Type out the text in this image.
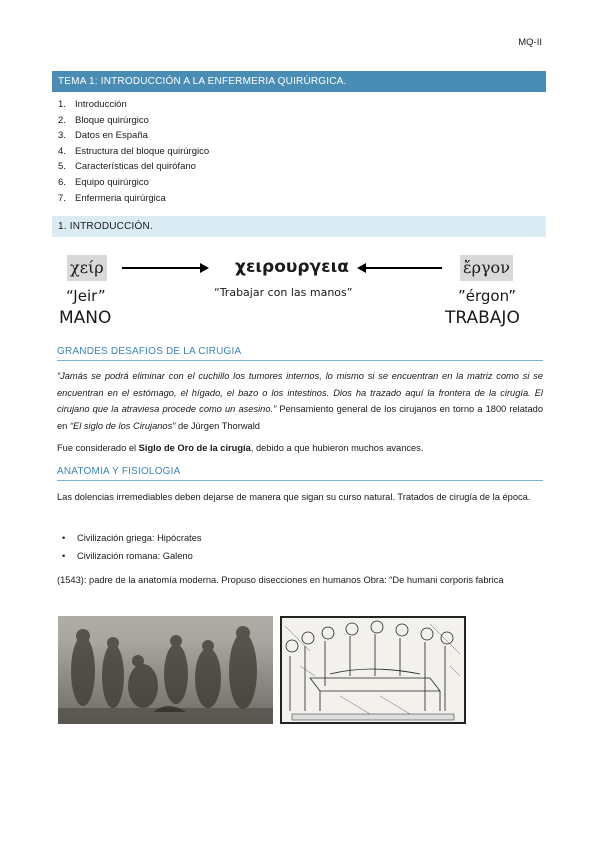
MQ-II
TEMA 1: INTRODUCCIÓN A LA ENFERMERIA QUIRÚRGICA.
1. Introducción
2. Bloque quirúrgico
3. Datos en España
4. Estructura del bloque quirúrgico
5. Características del quirófano
6. Equipo quirúrgico
7. Enfermeria quirúrgica
1. INTRODUCCIÓN.
χείρ
“Jeir”
MANO
χειρουργεια
“Trabajar con las manos”
ἔργον
”érgon”
TRABAJO
GRANDES DESAFIOS DE LA CIRUGIA

“Jamás se podrá eliminar con el cuchillo los tumores internos, lo mismo si se encuentran en la matriz como si se encuentran en el estómago, el hígado, el bazo o los intestinos. Dios ha trazado aquí la frontera de la cirugía. El cirujano que la atraviesa procede como un asesino.” Pensamiento general de los cirujanos en torno a 1800 relatado en “El siglo de los Cirujanos” de Jürgen Thorwald

Fue considerado el Siglo de Oro de la cirugía, debido a que hubieron muchos avances.

ANATOMIA Y FISIOLOGIA

Las dolencias irremediables deben dejarse de manera que sigan su curso natural. Tratados de cirugía de la época.

• Civilización griega: Hipócrates
• Civilización romana: Galeno

(1543): padre de la anatomía moderna. Propuso disecciones en humanos Obra: “De humani corporis fabrica
